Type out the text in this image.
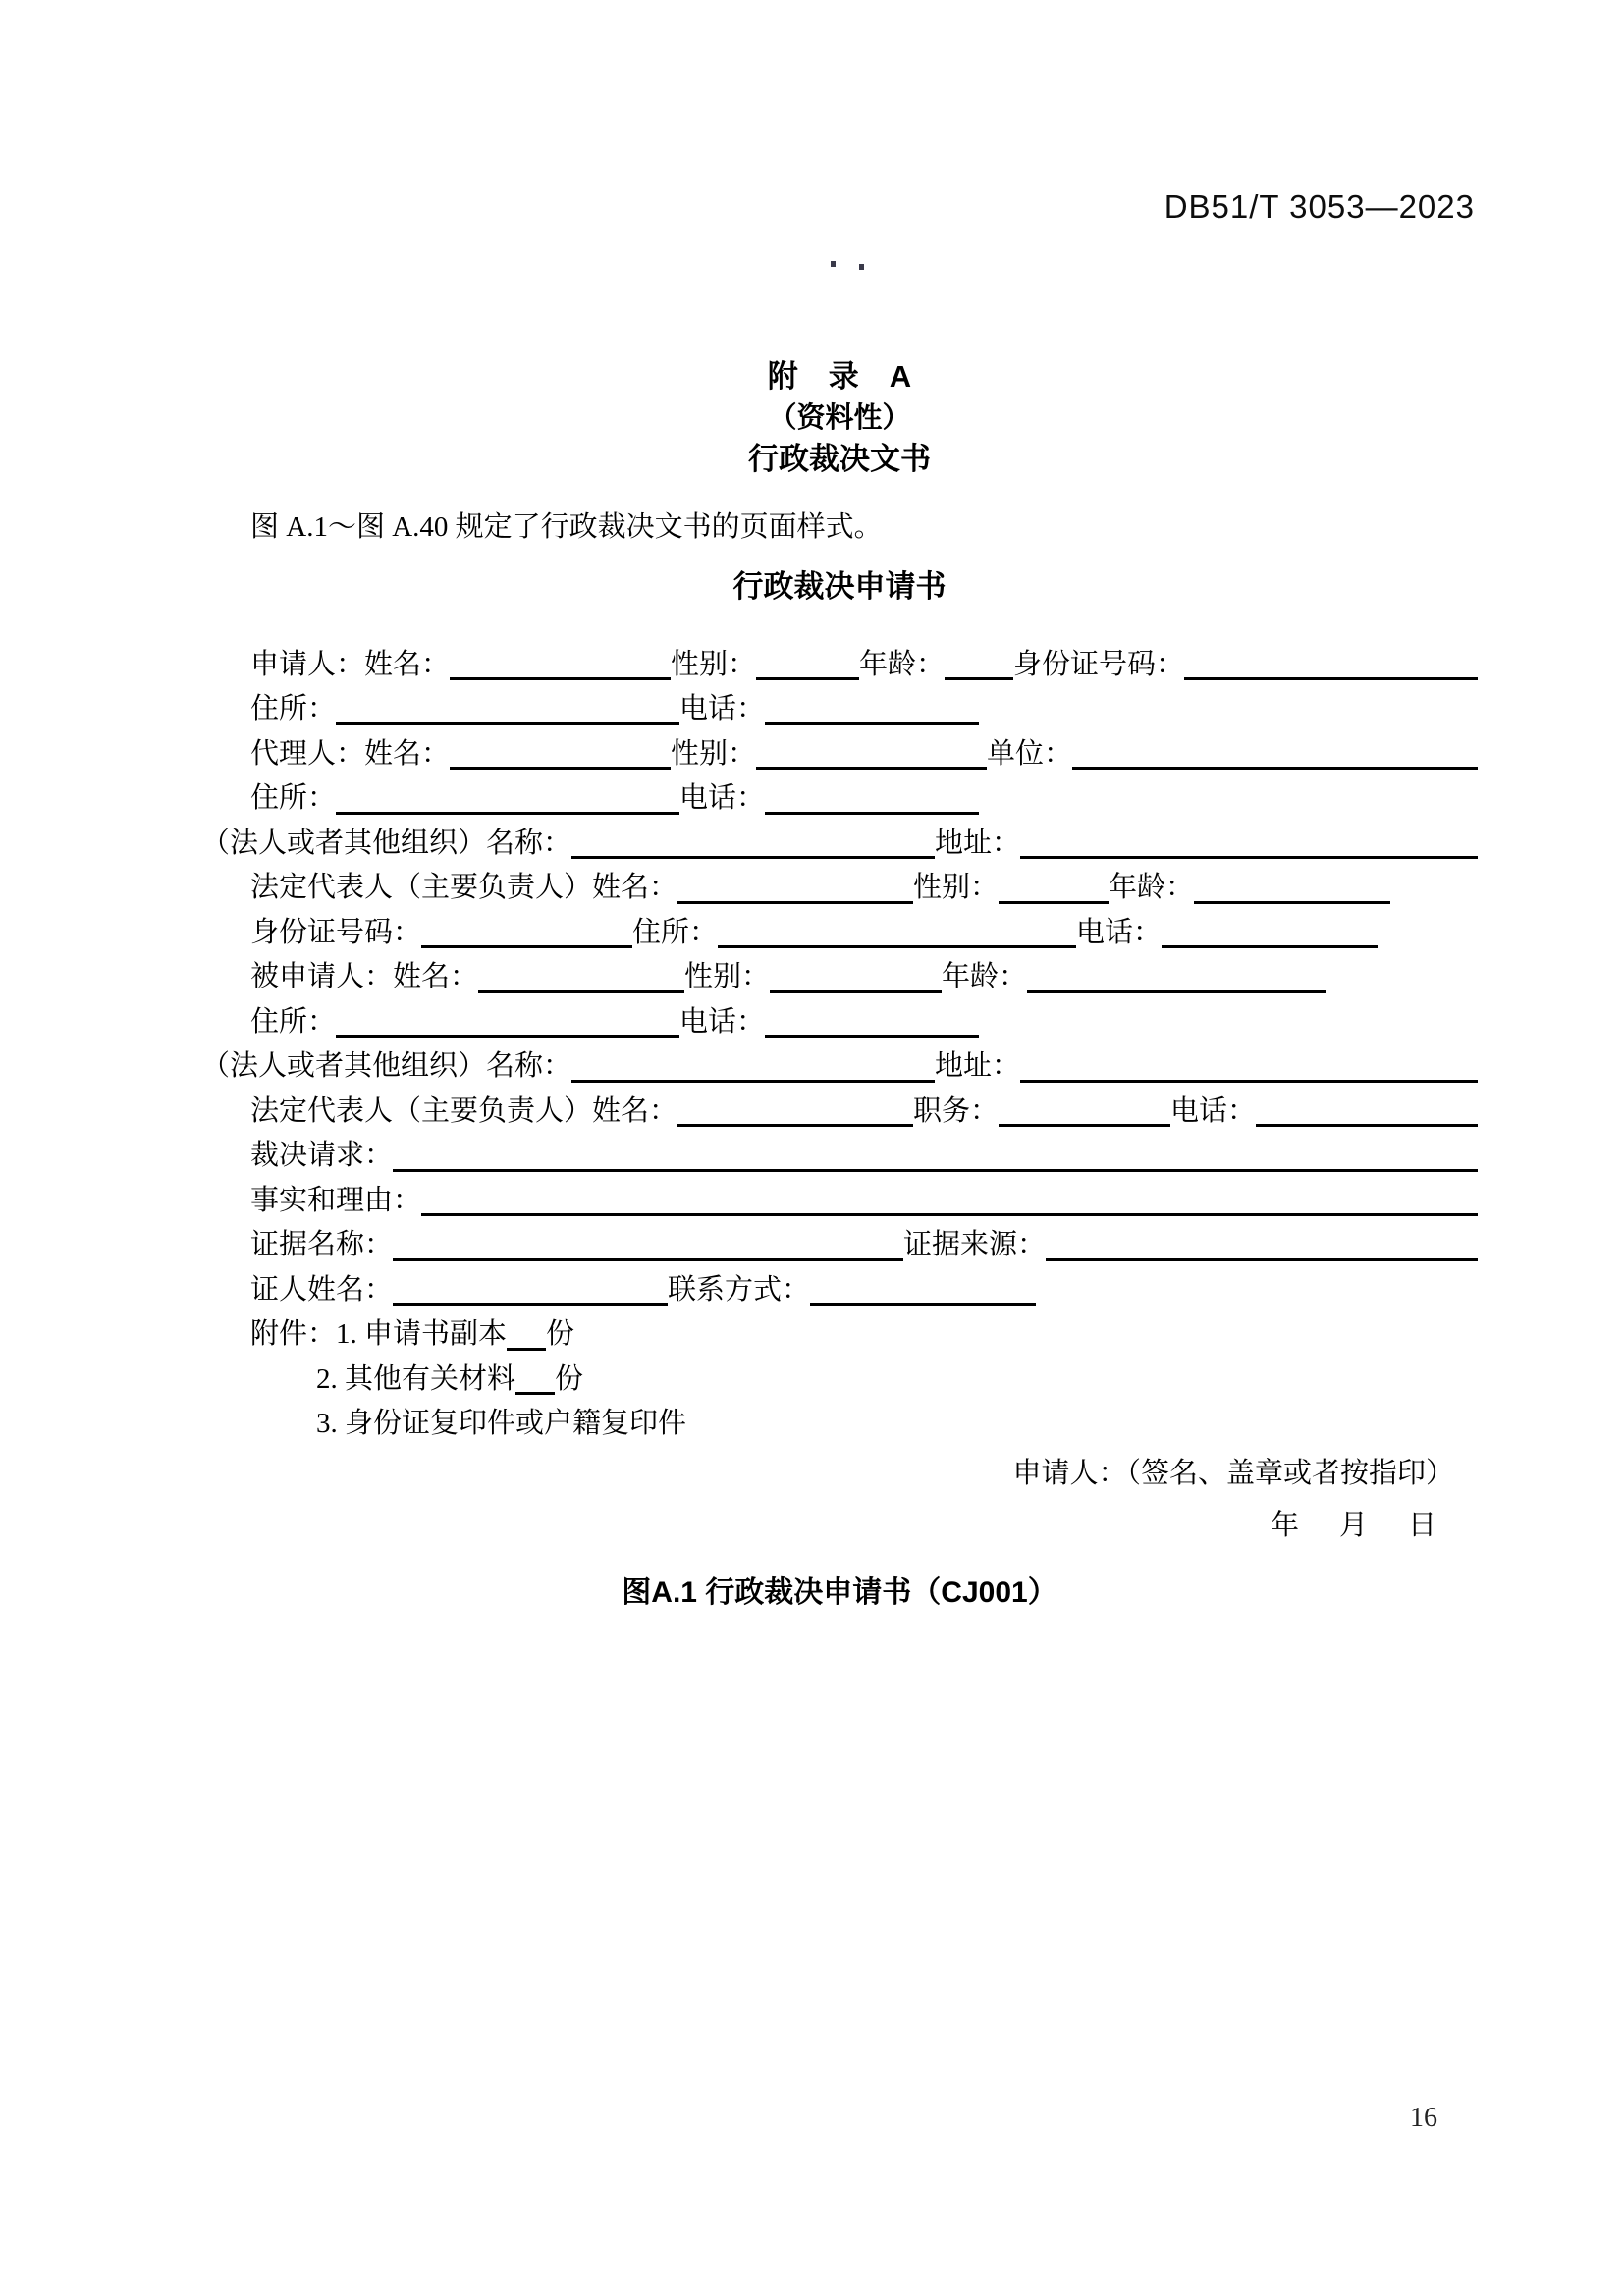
DB51/T 3053—2023
附　录　A
（资料性）
行政裁决文书

图 A.1～图 A.40 规定了行政裁决文书的页面样式。

行政裁决申请书
申请人：姓名：	性别：	年龄： 身份证号码：
住所：	电话：
代理人：姓名：	性别：	单位：
住所：	电话：
（法人或者其他组织）名称：	地址：
法定代表人（主要负责人）姓名：	性别：	年龄：
身份证号码：	住所：	电话：
被申请人：姓名：	性别：	年龄：
住所：	电话：
（法人或者其他组织）名称：	地址：
法定代表人（主要负责人）姓名：	职务：	电话：
裁决请求：
事实和理由：
证据名称：	证据来源：
证人姓名：	联系方式：
附件：1. 申请书副本 份
2. 其他有关材料 份
3. 身份证复印件或户籍复印件
申请人：（签名、盖章或者按指印）
年　月　日
图A.1 行政裁决申请书（CJ001）
16
